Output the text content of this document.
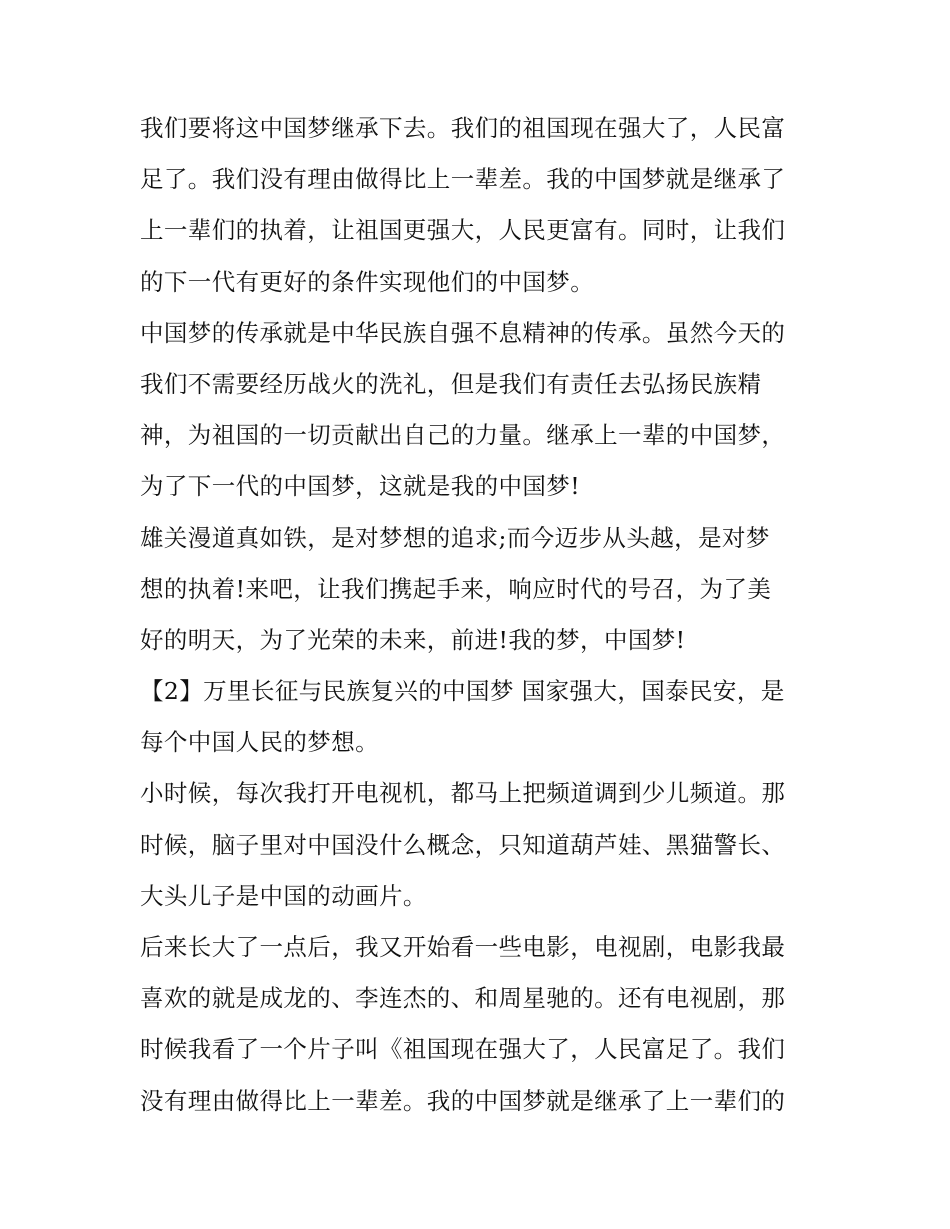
我们要将这中国梦继承下去。我们的祖国现在强大了，人民富
足了。我们没有理由做得比上一辈差。我的中国梦就是继承了
上一辈们的执着，让祖国更强大，人民更富有。同时，让我们
的下一代有更好的条件实现他们的中国梦。
中国梦的传承就是中华民族自强不息精神的传承。虽然今天的
我们不需要经历战火的洗礼，但是我们有责任去弘扬民族精
神，为祖国的一切贡献出自己的力量。继承上一辈的中国梦，
为了下一代的中国梦，这就是我的中国梦!
雄关漫道真如铁，是对梦想的追求;而今迈步从头越，是对梦
想的执着!来吧，让我们携起手来，响应时代的号召，为了美
好的明天，为了光荣的未来，前进!我的梦，中国梦!
【2】万里长征与民族复兴的中国梦 国家强大，国泰民安，是
每个中国人民的梦想。
小时候，每次我打开电视机，都马上把频道调到少儿频道。那
时候，脑子里对中国没什么概念，只知道葫芦娃、黑猫警长、
大头儿子是中国的动画片。
后来长大了一点后，我又开始看一些电影，电视剧，电影我最
喜欢的就是成龙的、李连杰的、和周星驰的。还有电视剧，那
时候我看了一个片子叫《祖国现在强大了，人民富足了。我们
没有理由做得比上一辈差。我的中国梦就是继承了上一辈们的
